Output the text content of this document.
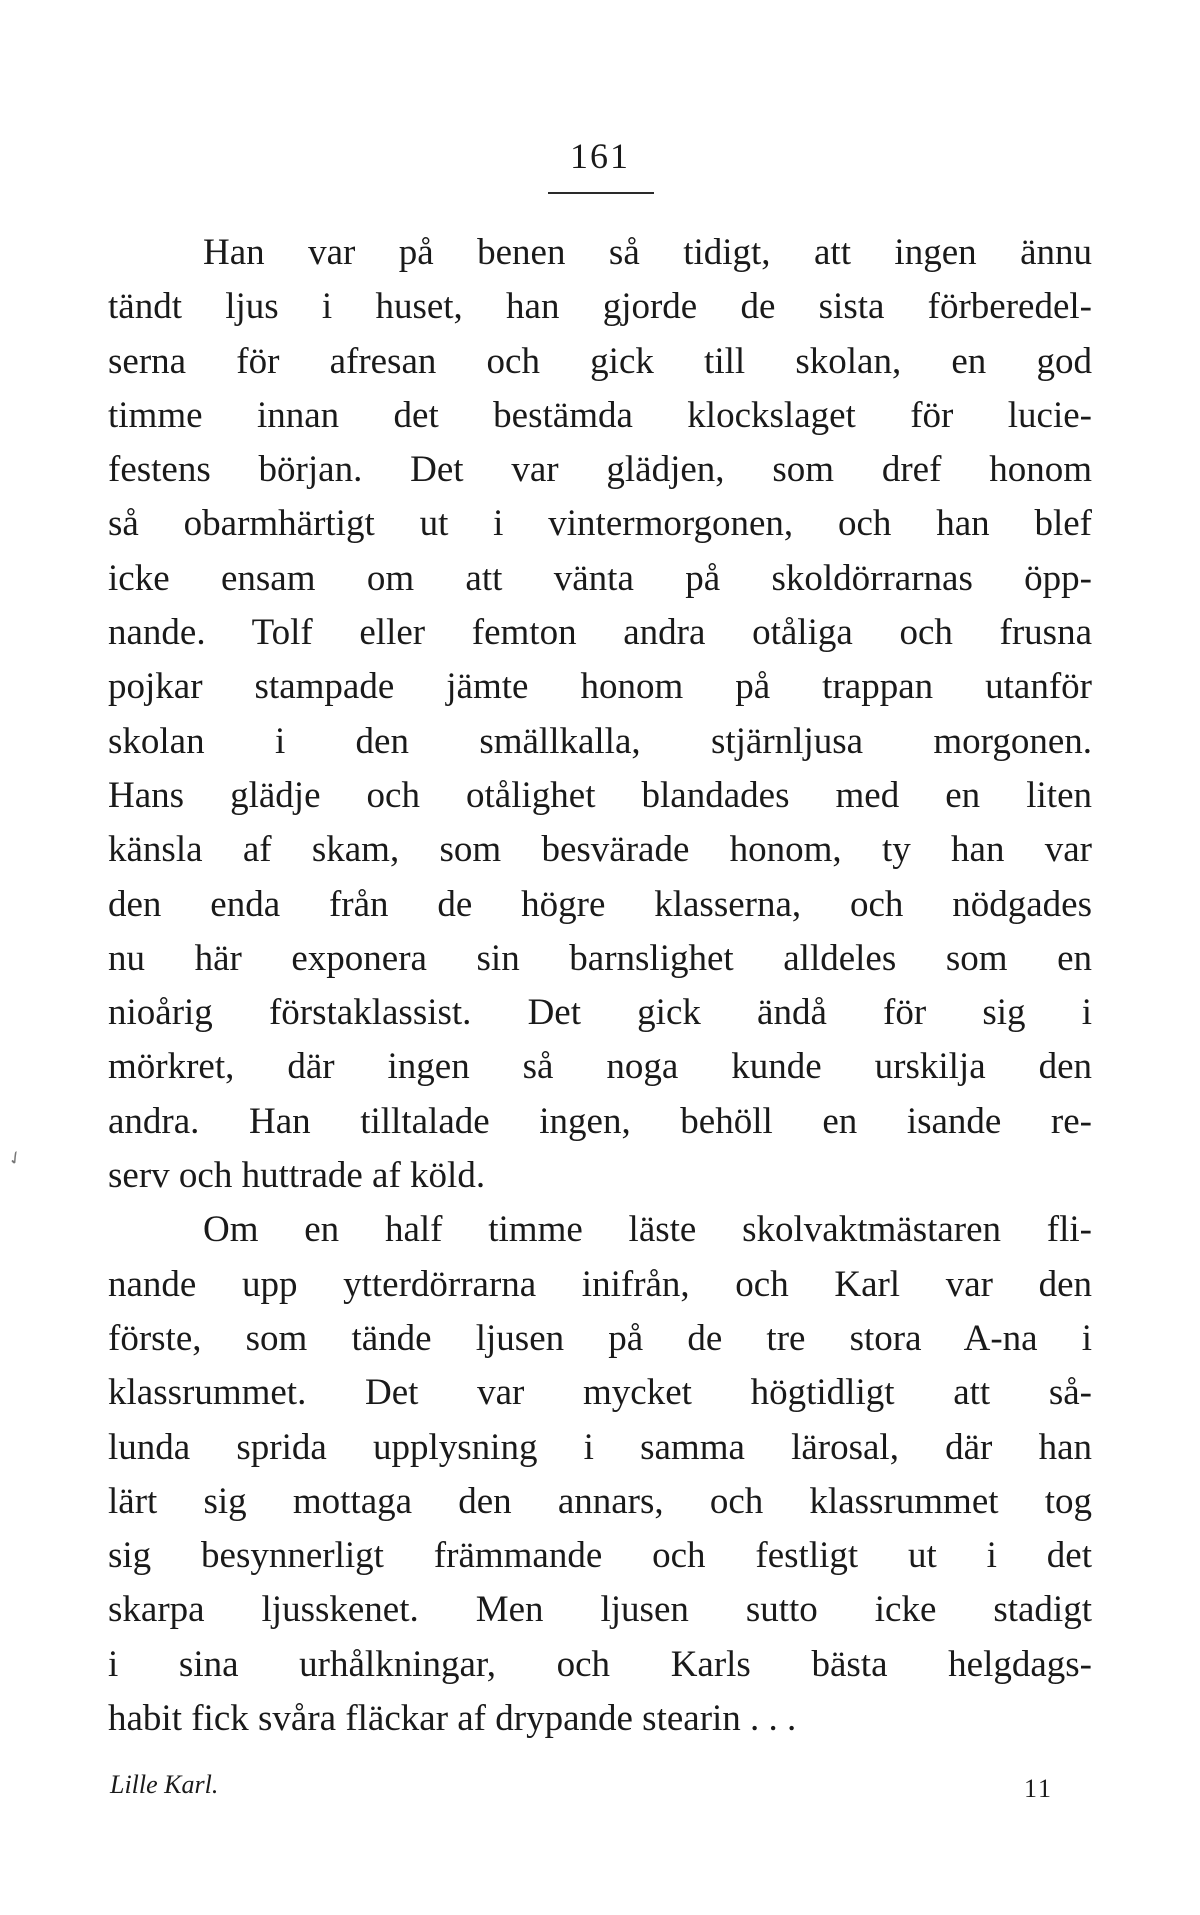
161
✓
Han var på benen så tidigt, att ingen ännu
tändt ljus i huset, han gjorde de sista förberedel-
serna för afresan och gick till skolan, en god
timme innan det bestämda klockslaget för lucie-
festens början. Det var glädjen, som dref honom
så obarmhärtigt ut i vintermorgonen, och han blef
icke ensam om att vänta på skoldörrarnas öpp-
nande. Tolf eller femton andra otåliga och frusna
pojkar stampade jämte honom på trappan utanför
skolan i den smällkalla, stjärnljusa morgonen.
Hans glädje och otålighet blandades med en liten
känsla af skam, som besvärade honom, ty han var
den enda från de högre klasserna, och nödgades
nu här exponera sin barnslighet alldeles som en
nioårig förstaklassist. Det gick ändå för sig i
mörkret, där ingen så noga kunde urskilja den
andra. Han tilltalade ingen, behöll en isande re-
serv och huttrade af köld.
Om en half timme läste skolvaktmästaren fli-
nande upp ytterdörrarna inifrån, och Karl var den
förste, som tände ljusen på de tre stora A-na i
klassrummet. Det var mycket högtidligt att så-
lunda sprida upplysning i samma lärosal, där han
lärt sig mottaga den annars, och klassrummet tog
sig besynnerligt främmande och festligt ut i det
skarpa ljusskenet. Men ljusen sutto icke stadigt
i sina urhålkningar, och Karls bästa helgdags-
habit fick svåra fläckar af drypande stearin . . .
Lille Karl.	11
